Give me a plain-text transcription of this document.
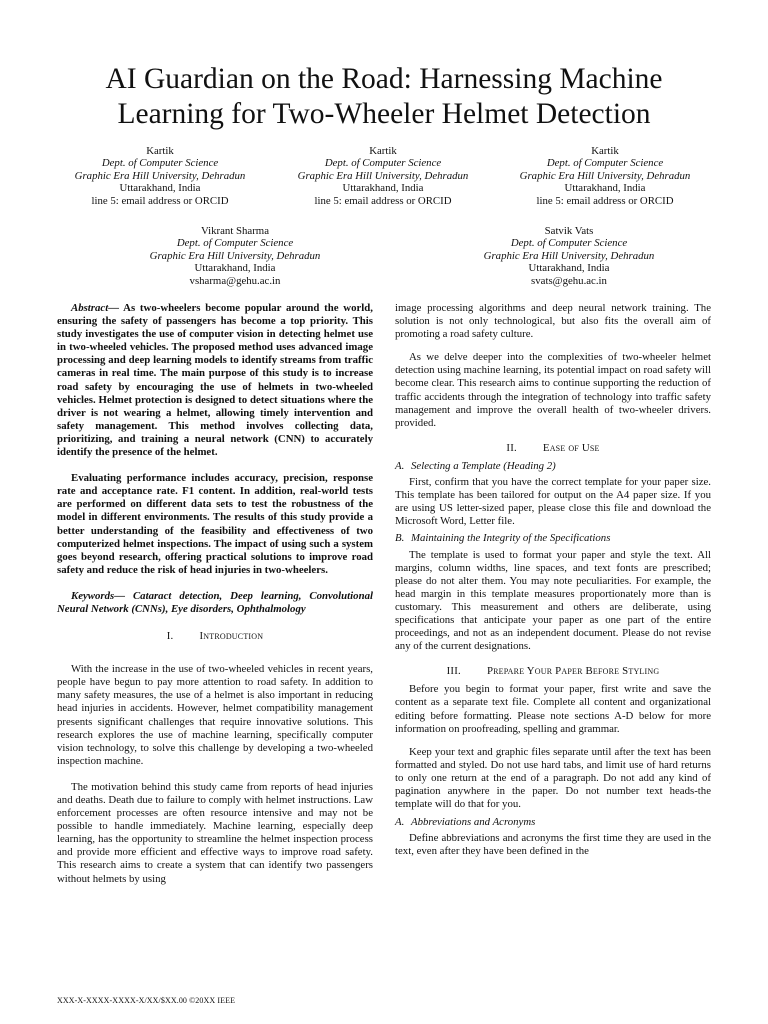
AI Guardian on the Road: Harnessing Machine
Learning for Two-Wheeler Helmet Detection
Kartik
Dept. of Computer Science
Graphic Era Hill University, Dehradun
Uttarakhand, India
line 5: email address or ORCID
Kartik
Dept. of Computer Science
Graphic Era Hill University, Dehradun
Uttarakhand, India
line 5: email address or ORCID
Kartik
Dept. of Computer Science
Graphic Era Hill University, Dehradun
Uttarakhand, India
line 5: email address or ORCID
Vikrant Sharma
Dept. of Computer Science
Graphic Era Hill University, Dehradun
Uttarakhand, India
vsharma@gehu.ac.in
Satvik Vats
Dept. of Computer Science
Graphic Era Hill University, Dehradun
Uttarakhand, India
svats@gehu.ac.in

Abstract— As two-wheelers become popular around the world, ensuring the safety of passengers has become a top priority. This study investigates the use of computer vision in detecting helmet use in two-wheeled vehicles. The proposed method uses advanced image processing and deep learning models to identify streams from traffic cameras in real time. The main purpose of this study is to increase road safety by encouraging the use of helmets in two-wheeled vehicles. Helmet protection is designed to detect situations where the driver is not wearing a helmet, allowing timely intervention and safety management. This method involves collecting data, prioritizing, and training a neural network (CNN) to accurately identify the presence of the helmet.

Evaluating performance includes accuracy, precision, response rate and acceptance rate. F1 content. In addition, real-world tests are performed on different data sets to test the robustness of the model in different environments. The results of this study provide a better understanding of the feasibility and effectiveness of two computerized helmet inspections. The impact of using such a system goes beyond research, offering practical solutions to improve road safety and reduce the risk of head injuries in two-wheelers.

Keywords— Cataract detection, Deep learning, Convolutional Neural Network (CNNs), Eye disorders, Ophthalmology

I. Introduction

With the increase in the use of two-wheeled vehicles in recent years, people have begun to pay more attention to road safety. In addition to many safety measures, the use of a helmet is also important in reducing head injuries in accidents. However, helmet compatibility management presents significant challenges that require innovative solutions. This research explores the use of machine learning, specifically computer vision technology, to solve this challenge by developing a two-wheeled inspection machine.

The motivation behind this study came from reports of head injuries and deaths. Death due to failure to comply with helmet instructions. Law enforcement processes are often resource intensive and may not be possible to handle immediately. Machine learning, especially deep learning, has the opportunity to streamline the helmet inspection process and provide more efficient and effective ways to improve road safety. This research aims to create a system that can identify two passengers without helmets by using

image processing algorithms and deep neural network training. The solution is not only technological, but also fits the overall aim of promoting a road safety culture.

As we delve deeper into the complexities of two-wheeler helmet detection using machine learning, its potential impact on road safety will become clear. This research aims to continue supporting the reduction of traffic accidents through the integration of technology into traffic safety management and improve the overall health of two-wheeler drivers. provided.

II. Ease of Use
A. Selecting a Template (Heading 2)

First, confirm that you have the correct template for your paper size. This template has been tailored for output on the A4 paper size. If you are using US letter-sized paper, please close this file and download the Microsoft Word, Letter file.

B. Maintaining the Integrity of the Specifications

The template is used to format your paper and style the text. All margins, column widths, line spaces, and text fonts are prescribed; please do not alter them. You may note peculiarities. For example, the head margin in this template measures proportionately more than is customary. This measurement and others are deliberate, using specifications that anticipate your paper as one part of the entire proceedings, and not as an independent document. Please do not revise any of the current designations.

III. Prepare Your Paper Before Styling

Before you begin to format your paper, first write and save the content as a separate text file. Complete all content and organizational editing before formatting. Please note sections A-D below for more information on proofreading, spelling and grammar.

Keep your text and graphic files separate until after the text has been formatted and styled. Do not use hard tabs, and limit use of hard returns to only one return at the end of a paragraph. Do not add any kind of pagination anywhere in the paper. Do not number text heads-the template will do that for you.

A. Abbreviations and Acronyms

Define abbreviations and acronyms the first time they are used in the text, even after they have been defined in the

XXX-X-XXXX-XXXX-X/XX/$XX.00 ©20XX IEEE
